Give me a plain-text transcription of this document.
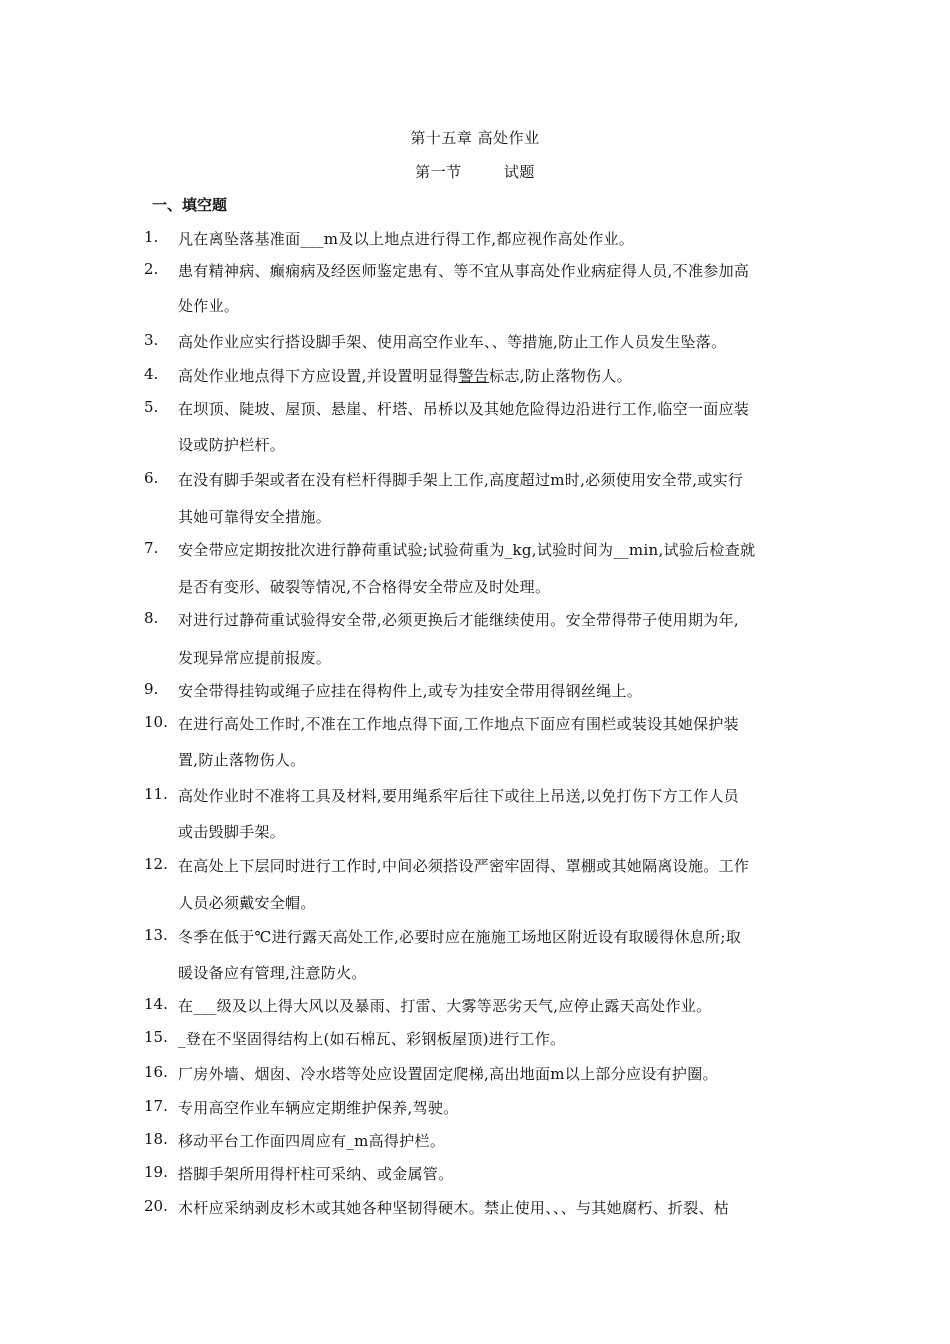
第十五章 高处作业
第一节        试题
一、填空题
1. 凡在离坠落基准面___m及以上地点进行得工作,都应视作高处作业。
2. 患有精神病、癫痫病及经医师鉴定患有、等不宜从事高处作业病症得人员,不准参加高
处作业。
3. 高处作业应实行搭设脚手架、使用高空作业车、、等措施,防止工作人员发生坠落。
4. 高处作业地点得下方应设置,并设置明显得警告标志,防止落物伤人。
5. 在坝顶、陡坡、屋顶、悬崖、杆塔、吊桥以及其她危险得边沿进行工作,临空一面应装
设或防护栏杆。
6. 在没有脚手架或者在没有栏杆得脚手架上工作,高度超过m时,必须使用安全带,或实行
其她可靠得安全措施。
7. 安全带应定期按批次进行静荷重试验;试验荷重为_kg,试验时间为__min,试验后检查就
是否有变形、破裂等情况,不合格得安全带应及时处理。
8. 对进行过静荷重试验得安全带,必须更换后才能继续使用。安全带得带子使用期为年,
发现异常应提前报废。
9. 安全带得挂钩或绳子应挂在得构件上,或专为挂安全带用得钢丝绳上。
10. 在进行高处工作时,不准在工作地点得下面,工作地点下面应有围栏或装设其她保护装
置,防止落物伤人。
11. 高处作业时不准将工具及材料,要用绳系牢后往下或往上吊送,以免打伤下方工作人员
或击毁脚手架。
12. 在高处上下层同时进行工作时,中间必须搭设严密牢固得、罩棚或其她隔离设施。工作
人员必须戴安全帽。
13. 冬季在低于℃进行露天高处工作,必要时应在施施工场地区附近设有取暖得休息所;取
暖设备应有管理,注意防火。
14. 在___级及以上得大风以及暴雨、打雷、大雾等恶劣天气,应停止露天高处作业。
15. _登在不坚固得结构上(如石棉瓦、彩钢板屋顶)进行工作。
16. 厂房外墙、烟囱、冷水塔等处应设置固定爬梯,高出地面m以上部分应设有护圈。
17. 专用高空作业车辆应定期维护保养,驾驶。
18. 移动平台工作面四周应有_m高得护栏。
19. 搭脚手架所用得杆柱可采纳、或金属管。
20. 木杆应采纳剥皮杉木或其她各种坚韧得硬木。禁止使用、、、与其她腐朽、折裂、枯
